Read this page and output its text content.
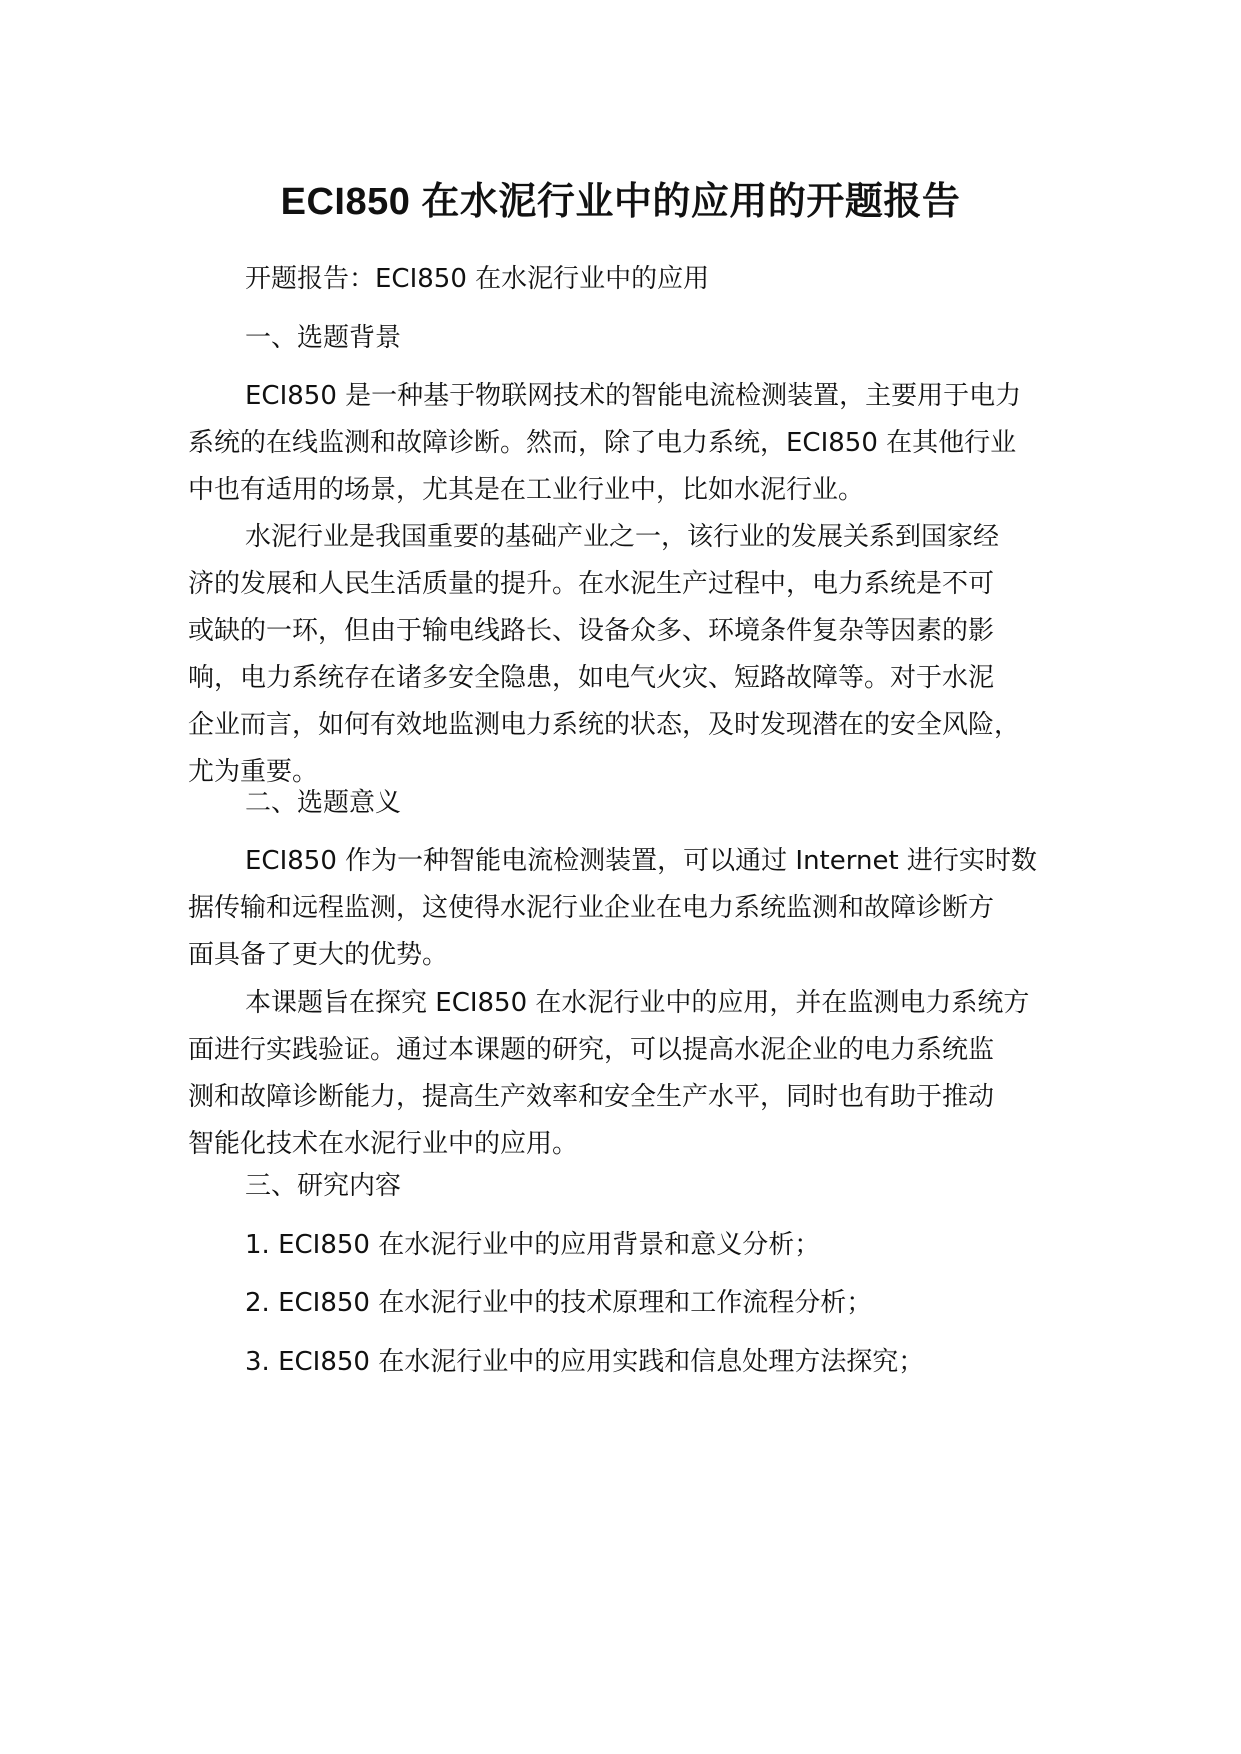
ECI850 在水泥行业中的应用的开题报告

开题报告：ECI850 在水泥行业中的应用

一、选题背景

ECI850 是一种基于物联网技术的智能电流检测装置，主要用于电力
系统的在线监测和故障诊断。然而，除了电力系统，ECI850 在其他行业
中也有适用的场景，尤其是在工业行业中，比如水泥行业。
水泥行业是我国重要的基础产业之一，该行业的发展关系到国家经
济的发展和人民生活质量的提升。在水泥生产过程中，电力系统是不可
或缺的一环，但由于输电线路长、设备众多、环境条件复杂等因素的影
响，电力系统存在诸多安全隐患，如电气火灾、短路故障等。对于水泥
企业而言，如何有效地监测电力系统的状态，及时发现潜在的安全风险，
尤为重要。

二、选题意义

ECI850 作为一种智能电流检测装置，可以通过 Internet 进行实时数
据传输和远程监测，这使得水泥行业企业在电力系统监测和故障诊断方
面具备了更大的优势。
本课题旨在探究 ECI850 在水泥行业中的应用，并在监测电力系统方
面进行实践验证。通过本课题的研究，可以提高水泥企业的电力系统监
测和故障诊断能力，提高生产效率和安全生产水平，同时也有助于推动
智能化技术在水泥行业中的应用。

三、研究内容

1. ECI850 在水泥行业中的应用背景和意义分析；

2. ECI850 在水泥行业中的技术原理和工作流程分析；

3. ECI850 在水泥行业中的应用实践和信息处理方法探究；
